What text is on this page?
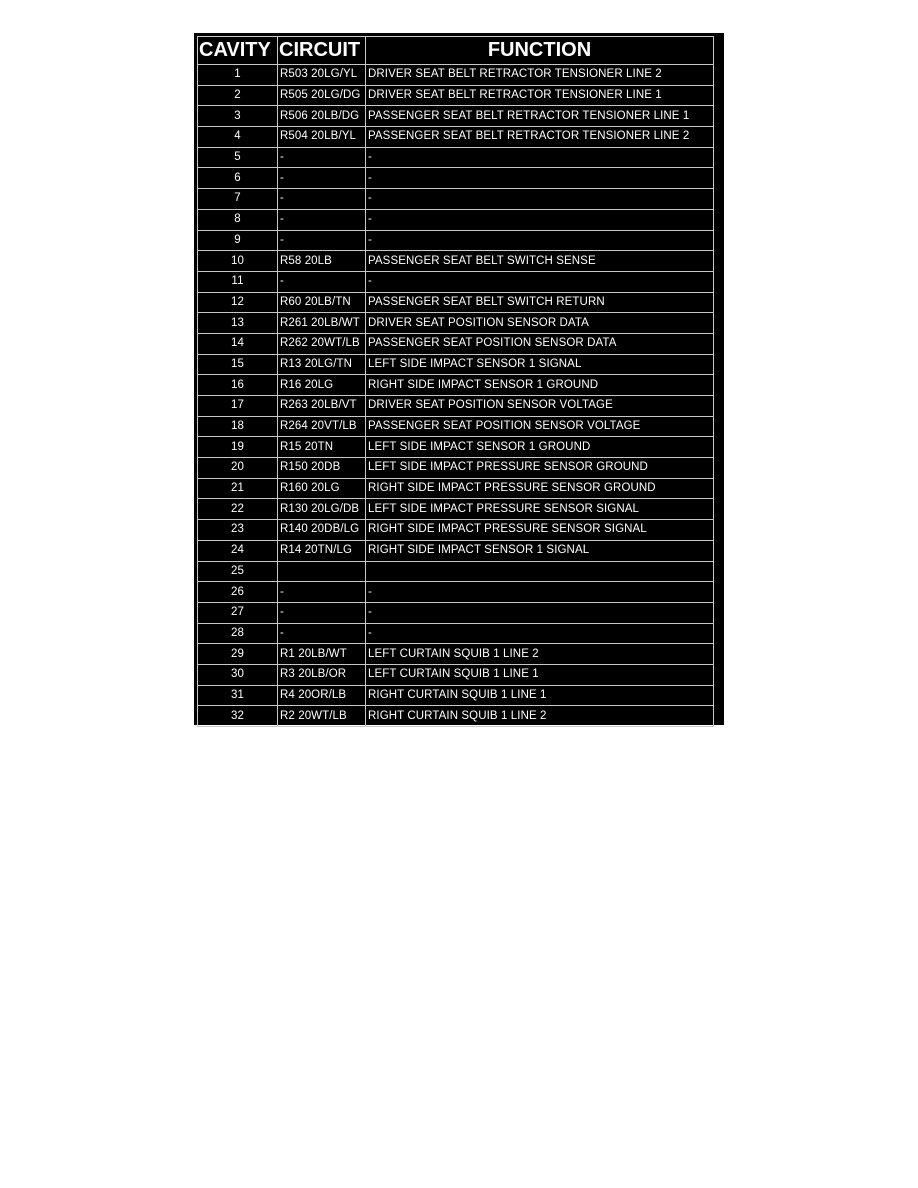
CAVITY	CIRCUIT	FUNCTION
1	R503 20LG/YL	DRIVER SEAT BELT RETRACTOR TENSIONER LINE 2
2	R505 20LG/DG	DRIVER SEAT BELT RETRACTOR TENSIONER LINE 1
3	R506 20LB/DG	PASSENGER SEAT BELT RETRACTOR TENSIONER LINE 1
4	R504 20LB/YL	PASSENGER SEAT BELT RETRACTOR TENSIONER LINE 2
5	-	-
6	-	-
7	-	-
8	-	-
9	-	-
10	R58 20LB	PASSENGER SEAT BELT SWITCH SENSE
11	-	-
12	R60 20LB/TN	PASSENGER SEAT BELT SWITCH RETURN
13	R261 20LB/WT	DRIVER SEAT POSITION SENSOR DATA
14	R262 20WT/LB	PASSENGER SEAT POSITION SENSOR DATA
15	R13 20LG/TN	LEFT SIDE IMPACT SENSOR 1 SIGNAL
16	R16 20LG	RIGHT SIDE IMPACT SENSOR 1 GROUND
17	R263 20LB/VT	DRIVER SEAT POSITION SENSOR VOLTAGE
18	R264 20VT/LB	PASSENGER SEAT POSITION SENSOR VOLTAGE
19	R15 20TN	LEFT SIDE IMPACT SENSOR 1 GROUND
20	R150 20DB	LEFT SIDE IMPACT PRESSURE SENSOR GROUND
21	R160 20LG	RIGHT SIDE IMPACT PRESSURE SENSOR GROUND
22	R130 20LG/DB	LEFT SIDE IMPACT PRESSURE SENSOR SIGNAL
23	R140 20DB/LG	RIGHT SIDE IMPACT PRESSURE SENSOR SIGNAL
24	R14 20TN/LG	RIGHT SIDE IMPACT SENSOR 1 SIGNAL
25		
26	-	-
27	-	-
28	-	-
29	R1 20LB/WT	LEFT CURTAIN SQUIB 1 LINE 2
30	R3 20LB/OR	LEFT CURTAIN SQUIB 1 LINE 1
31	R4 20OR/LB	RIGHT CURTAIN SQUIB 1 LINE 1
32	R2 20WT/LB	RIGHT CURTAIN SQUIB 1 LINE 2
